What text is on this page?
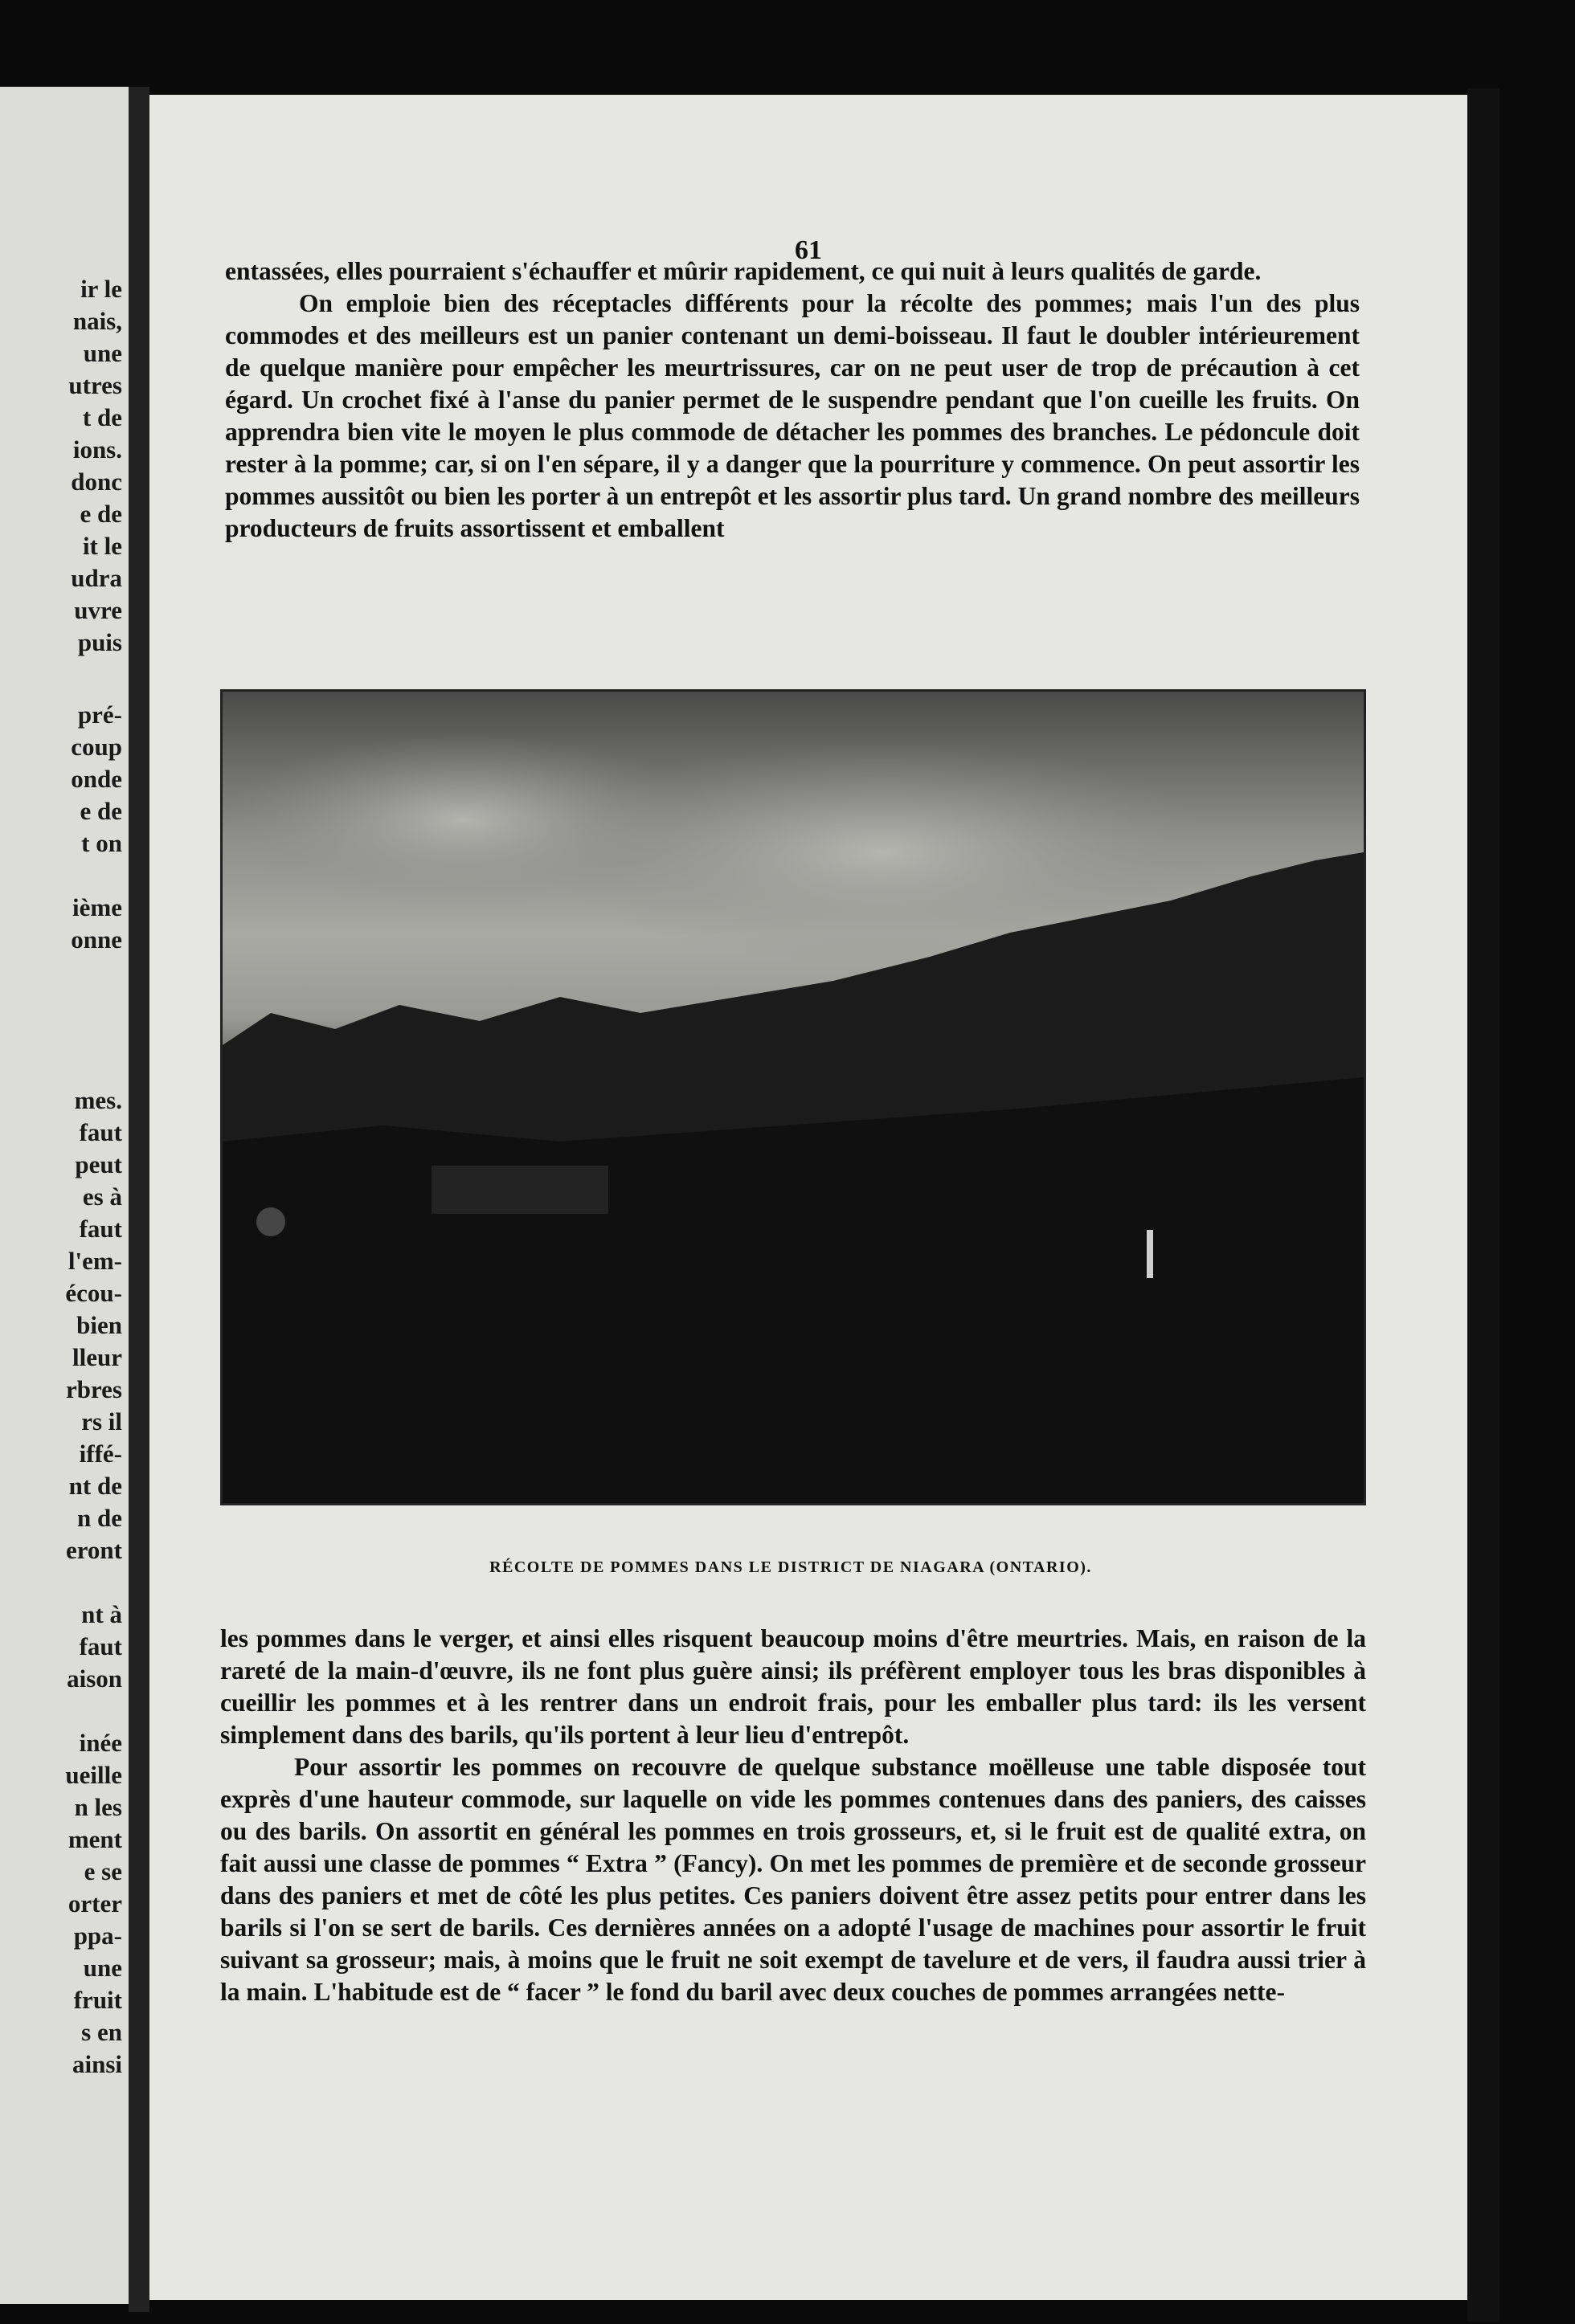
ir le
nais,
une
utres
t de
ions.
donc
e de
it le
udra
uvre
puis
pré-
coup
onde
e de
t on
ième
onne
mes.
faut
peut
es à
faut
l'em-
écou-
bien
lleur
rbres
rs il
iffé-
nt de
n de
eront
nt à
faut
aison
inée
ueille
n les
ment
e se
orter
ppa-
une
fruit
s en
ainsi
61

entassées, elles pourraient s'échauffer et mûrir rapidement, ce qui nuit à leurs qualités de garde.

On emploie bien des réceptacles différents pour la récolte des pommes; mais l'un des plus commodes et des meilleurs est un panier contenant un demi-boisseau. Il faut le doubler intérieurement de quelque manière pour empêcher les meurtrissures, car on ne peut user de trop de précaution à cet égard. Un crochet fixé à l'anse du panier permet de le suspendre pendant que l'on cueille les fruits. On apprendra bien vite le moyen le plus commode de détacher les pommes des branches. Le pédoncule doit rester à la pomme; car, si on l'en sépare, il y a danger que la pourriture y commence. On peut assortir les pommes aussitôt ou bien les porter à un entrepôt et les assortir plus tard. Un grand nombre des meilleurs producteurs de fruits assortissent et emballent

RÉCOLTE DE POMMES DANS LE DISTRICT DE NIAGARA (ONTARIO).

les pommes dans le verger, et ainsi elles risquent beaucoup moins d'être meurtries. Mais, en raison de la rareté de la main-d'œuvre, ils ne font plus guère ainsi; ils préfèrent employer tous les bras disponibles à cueillir les pommes et à les rentrer dans un endroit frais, pour les emballer plus tard: ils les versent simplement dans des barils, qu'ils portent à leur lieu d'entrepôt.

Pour assortir les pommes on recouvre de quelque substance moëlleuse une table disposée tout exprès d'une hauteur commode, sur laquelle on vide les pommes contenues dans des paniers, des caisses ou des barils. On assortit en général les pommes en trois grosseurs, et, si le fruit est de qualité extra, on fait aussi une classe de pommes “ Extra ” (Fancy). On met les pommes de première et de seconde grosseur dans des paniers et met de côté les plus petites. Ces paniers doivent être assez petits pour entrer dans les barils si l'on se sert de barils. Ces dernières années on a adopté l'usage de machines pour assortir le fruit suivant sa grosseur; mais, à moins que le fruit ne soit exempt de tavelure et de vers, il faudra aussi trier à la main. L'habitude est de “ facer ” le fond du baril avec deux couches de pommes arrangées nette-
